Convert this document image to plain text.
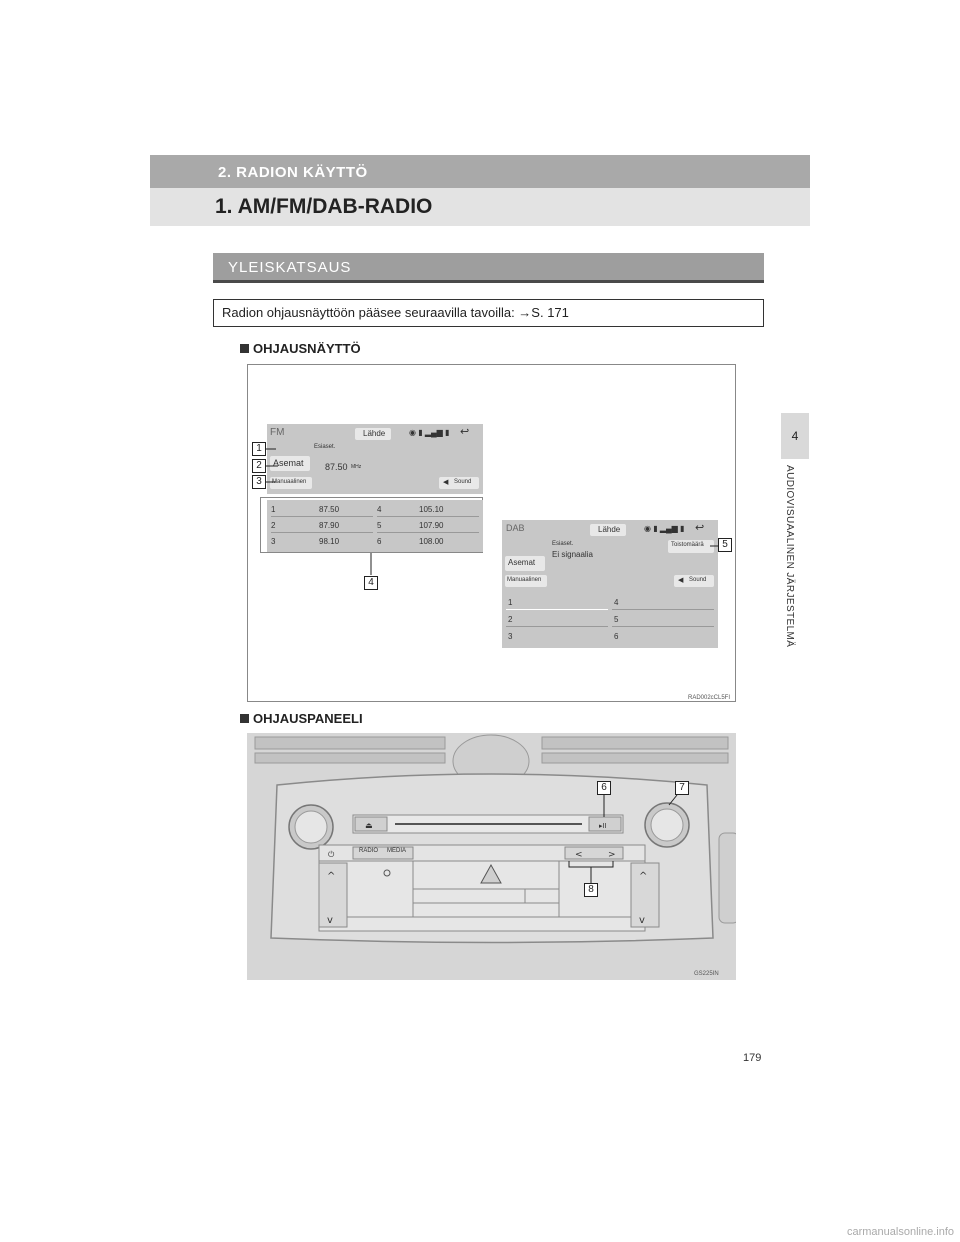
2. RADION KÄYTTÖ
1. AM/FM/DAB-RADIO
4
AUDIOVISUAALINEN JÄRJESTELMÄ
YLEISKATSAUS
Radion ohjausnäyttöön pääsee seuraavilla tavoilla: →S. 171
OHJAUSNÄYTTÖ
FM	Lähde	◉ ▮ ▂▄▆ ▮ ↩
Esiaset.
Asemat 87.50 MHz
Manuaalinen	◀ Sound
1	87.50	4	105.10
2	87.90	5	107.90
3	98.10	6	108.00
DAB	Lähde	◉ ▮ ▂▄▆ ▮ ↩
Esiaset.
Ei signaalia
Toistomäärä
Asemat
Manuaalinen	◀ Sound
1	4
2	5
3	6
1
2
3
4
5
RAD002cCL5FI
OHJAUSPANEELI
⏏	▸II
⏻	<	>
^
v
^
v
RADIO MEDIA
6	7
8
GS225IN
179
carmanualsonline.info
